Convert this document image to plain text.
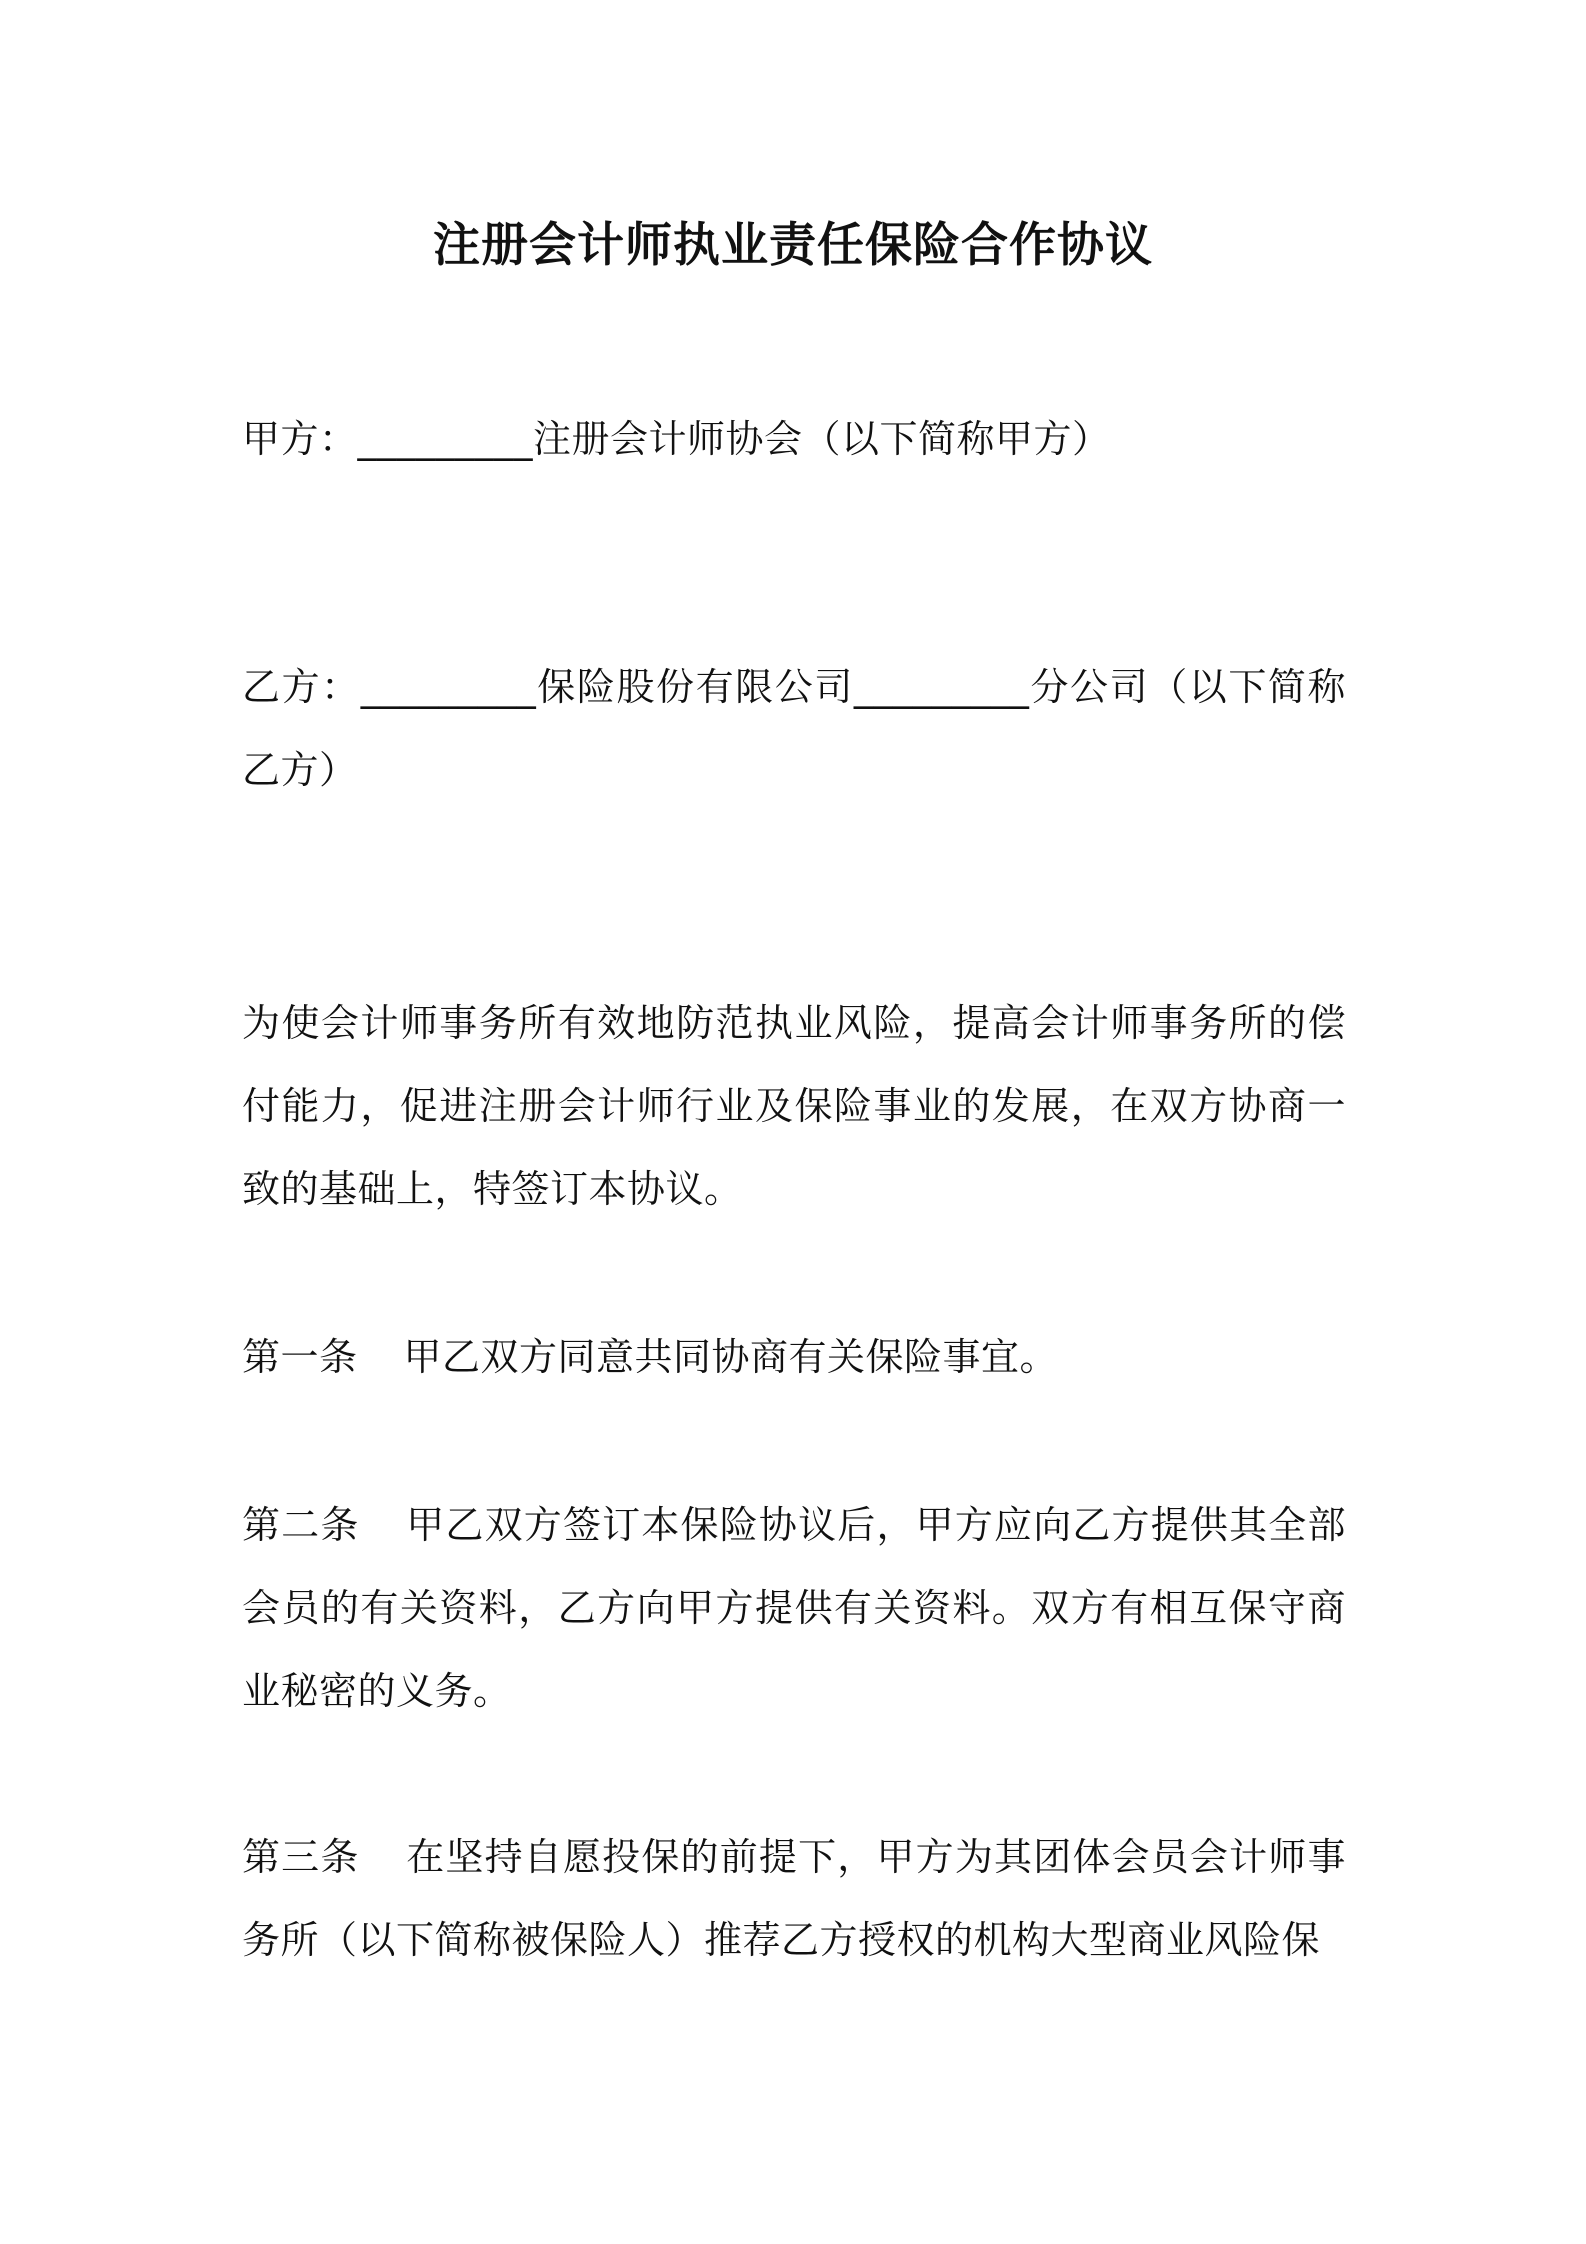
注册会计师执业责任保险合作协议
甲方：_________注册会计师协会（以下简称甲方）
乙方：_________保险股份有限公司_________分公司（以下简称乙方）
为使会计师事务所有效地防范执业风险，提高会计师事务所的偿付能力，促进注册会计师行业及保险事业的发展，在双方协商一致的基础上，特签订本协议。
第一条 甲乙双方同意共同协商有关保险事宜。
第二条 甲乙双方签订本保险协议后，甲方应向乙方提供其全部会员的有关资料，乙方向甲方提供有关资料。双方有相互保守商业秘密的义务。
第三条 在坚持自愿投保的前提下，甲方为其团体会员会计师事务所（以下简称被保险人）推荐乙方授权的机构大型商业风险保
